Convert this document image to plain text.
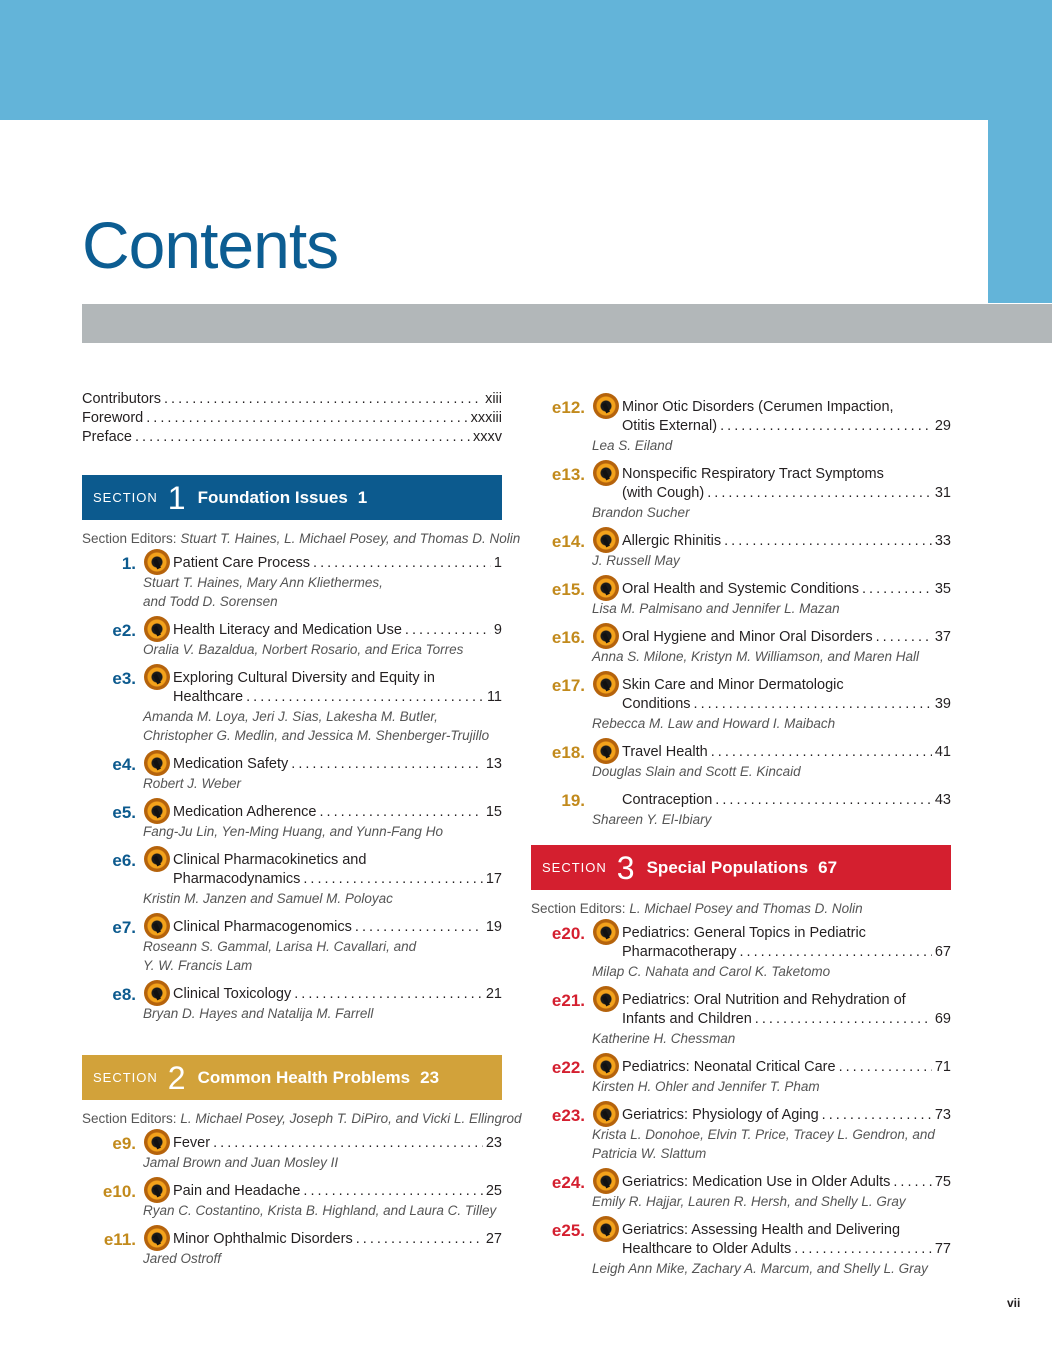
Contents
Contributors . . .	xiii
Foreword . . .	xxxiii
Preface . . .	xxxv
SECTION 1 Foundation Issues 1
Section Editors: Stuart T. Haines, L. Michael Posey, and Thomas D. Nolin
1.	Patient Care Process . . .	1
Stuart T. Haines, Mary Ann Kliethermes,
and Todd D. Sorensen
e2.	Health Literacy and Medication Use . . .	9
Oralia V. Bazaldua, Norbert Rosario, and Erica Torres
e3.	Exploring Cultural Diversity and Equity in
Healthcare . . .	11
Amanda M. Loya, Jeri J. Sias, Lakesha M. Butler,
Christopher G. Medlin, and Jessica M. Shenberger-Trujillo
e4.	Medication Safety . . .	13
Robert J. Weber
e5.	Medication Adherence . . .	15
Fang-Ju Lin, Yen-Ming Huang, and Yunn-Fang Ho
e6.	Clinical Pharmacokinetics and
Pharmacodynamics . . .	17
Kristin M. Janzen and Samuel M. Poloyac
e7.	Clinical Pharmacogenomics . . .	19
Roseann S. Gammal, Larisa H. Cavallari, and
Y. W. Francis Lam
e8.	Clinical Toxicology . . .	21
Bryan D. Hayes and Natalija M. Farrell
SECTION 2 Common Health Problems 23
Section Editors: L. Michael Posey, Joseph T. DiPiro, and Vicki L. Ellingrod
e9.	Fever . . .	23
Jamal Brown and Juan Mosley II
e10.	Pain and Headache . . .	25
Ryan C. Costantino, Krista B. Highland, and Laura C. Tilley
e11.	Minor Ophthalmic Disorders . . .	27
Jared Ostroff
e12.	Minor Otic Disorders (Cerumen Impaction,
Otitis External) . . .	29
Lea S. Eiland
e13.	Nonspecific Respiratory Tract Symptoms
(with Cough) . . .	31
Brandon Sucher
e14.	Allergic Rhinitis . . .	33
J. Russell May
e15.	Oral Health and Systemic Conditions . . .	35
Lisa M. Palmisano and Jennifer L. Mazan
e16.	Oral Hygiene and Minor Oral Disorders . . .	37
Anna S. Milone, Kristyn M. Williamson, and Maren Hall
e17.	Skin Care and Minor Dermatologic
Conditions . . .	39
Rebecca M. Law and Howard I. Maibach
e18.	Travel Health . . .	41
Douglas Slain and Scott E. Kincaid
19.	Contraception . . .	43
Shareen Y. El-Ibiary
SECTION 3 Special Populations 67
Section Editors: L. Michael Posey and Thomas D. Nolin
e20.	Pediatrics: General Topics in Pediatric
Pharmacotherapy . . .	67
Milap C. Nahata and Carol K. Taketomo
e21.	Pediatrics: Oral Nutrition and Rehydration of
Infants and Children . . .	69
Katherine H. Chessman
e22.	Pediatrics: Neonatal Critical Care . . .	71
Kirsten H. Ohler and Jennifer T. Pham
e23.	Geriatrics: Physiology of Aging . . .	73
Krista L. Donohoe, Elvin T. Price, Tracey L. Gendron, and
Patricia W. Slattum
e24.	Geriatrics: Medication Use in Older Adults . . .	75
Emily R. Hajjar, Lauren R. Hersh, and Shelly L. Gray
e25.	Geriatrics: Assessing Health and Delivering
Healthcare to Older Adults . . .	77
Leigh Ann Mike, Zachary A. Marcum, and Shelly L. Gray
vii
